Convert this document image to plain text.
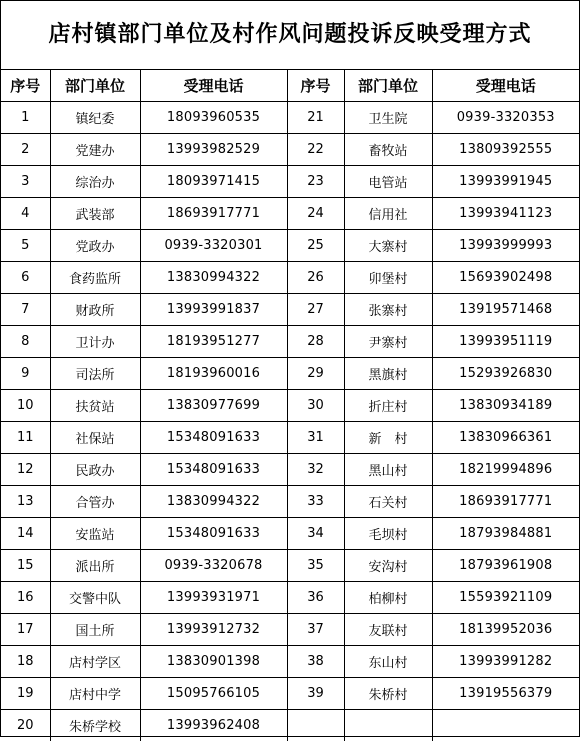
店村镇部门单位及村作风问题投诉反映受理方式
序号	部门单位	受理电话	序号	部门单位	受理电话
1	镇纪委	18093960535	21	卫生院	0939-3320353
2	党建办	13993982529	22	畜牧站	13809392555
3	综治办	18093971415	23	电管站	13993991945
4	武装部	18693917771	24	信用社	13993941123
5	党政办	0939-3320301	25	大寨村	13993999993
6	食药监所	13830994322	26	卯堡村	15693902498
7	财政所	13993991837	27	张寨村	13919571468
8	卫计办	18193951277	28	尹寨村	13993951119
9	司法所	18193960016	29	黑旗村	15293926830
10	扶贫站	13830977699	30	折庄村	13830934189
11	社保站	15348091633	31	新　村	13830966361
12	民政办	15348091633	32	黑山村	18219994896
13	合管办	13830994322	33	石关村	18693917771
14	安监站	15348091633	34	毛坝村	18793984881
15	派出所	0939-3320678	35	安沟村	18793961908
16	交警中队	13993931971	36	柏柳村	15593921109
17	国土所	13993912732	37	友联村	18139952036
18	店村学区	13830901398	38	东山村	13993991282
19	店村中学	15095766105	39	朱桥村	13919556379
20	朱桥学校	13993962408			
